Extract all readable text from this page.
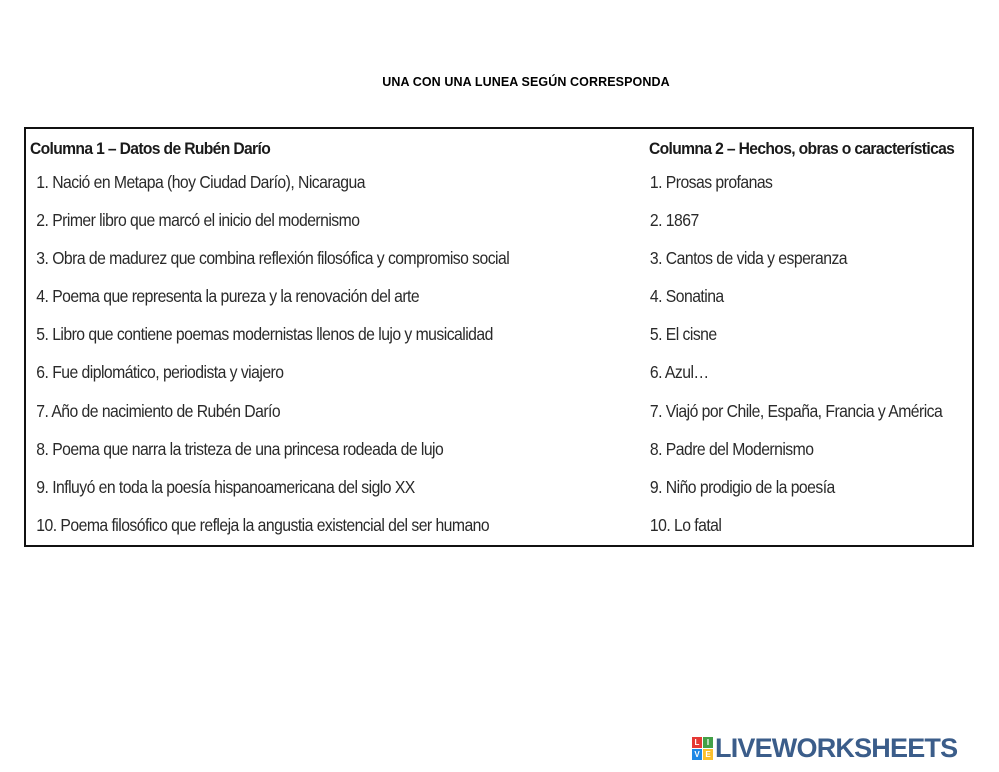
UNA CON UNA LUNEA SEGÚN CORRESPONDA
Columna 1 – Datos de Rubén Darío
1. Nació en Metapa (hoy Ciudad Darío), Nicaragua
2. Primer libro que marcó el inicio del modernismo
3. Obra de madurez que combina reflexión filosófica y compromiso social
4. Poema que representa la pureza y la renovación del arte
5. Libro que contiene poemas modernistas llenos de lujo y musicalidad
6. Fue diplomático, periodista y viajero
7. Año de nacimiento de Rubén Darío
8. Poema que narra la tristeza de una princesa rodeada de lujo
9. Influyó en toda la poesía hispanoamericana del siglo XX
10. Poema filosófico que refleja la angustia existencial del ser humano
Columna 2 – Hechos, obras o características
1. Prosas profanas
2. 1867
3. Cantos de vida y esperanza
4. Sonatina
5. El cisne
6. Azul…
7. Viajó por Chile, España, Francia y América
8. Padre del Modernismo
9. Niño prodigio de la poesía
10. Lo fatal
L I
V E LIVEWORKSHEETS
